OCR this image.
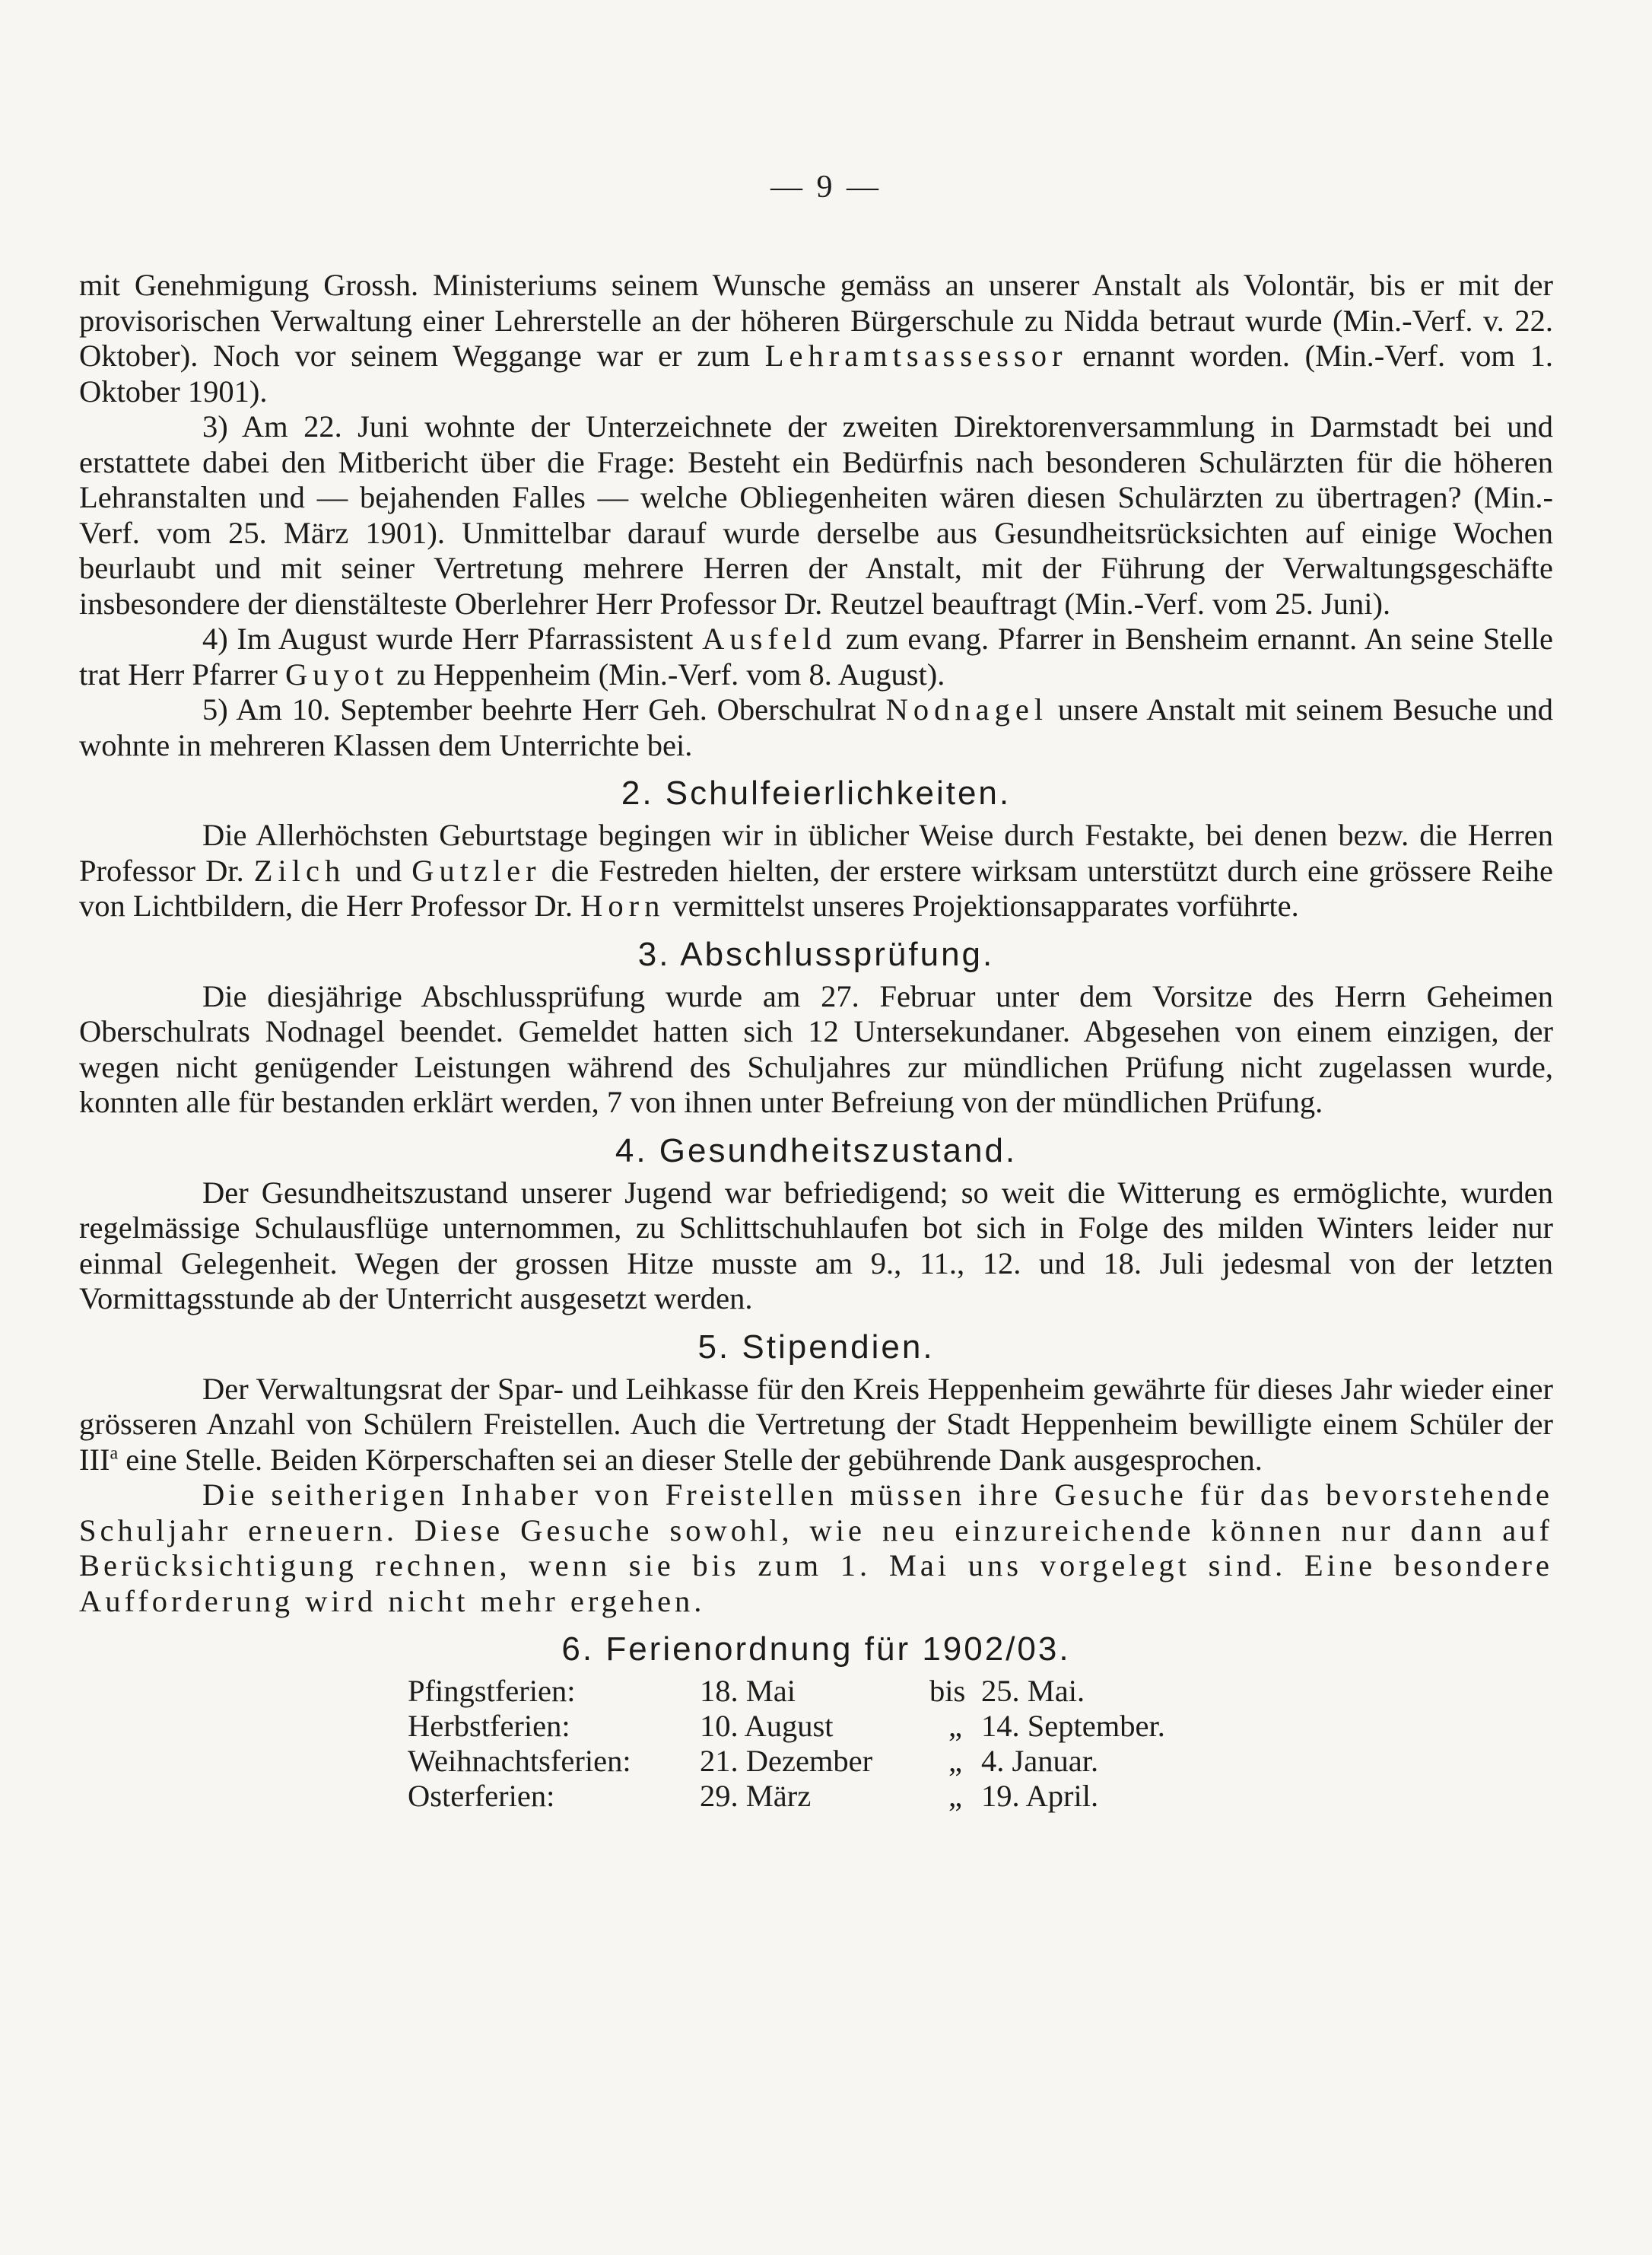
— 9 —

mit Genehmigung Grossh. Ministeriums seinem Wunsche gemäss an unserer Anstalt als Volontär, bis er mit der provisorischen Verwaltung einer Lehrerstelle an der höheren Bürgerschule zu Nidda betraut wurde (Min.-Verf. v. 22. Oktober). Noch vor seinem Weggange war er zum Lehramtsassessor ernannt worden. (Min.-Verf. vom 1. Oktober 1901).

3) Am 22. Juni wohnte der Unterzeichnete der zweiten Direktorenversammlung in Darmstadt bei und erstattete dabei den Mitbericht über die Frage: Besteht ein Bedürfnis nach besonderen Schulärzten für die höheren Lehranstalten und — bejahenden Falles — welche Obliegenheiten wären diesen Schulärzten zu übertragen? (Min.-Verf. vom 25. März 1901). Unmittelbar darauf wurde derselbe aus Gesundheitsrücksichten auf einige Wochen beurlaubt und mit seiner Vertretung mehrere Herren der Anstalt, mit der Führung der Verwaltungsgeschäfte insbesondere der dienstälteste Oberlehrer Herr Professor Dr. Reutzel beauftragt (Min.-Verf. vom 25. Juni).

4) Im August wurde Herr Pfarrassistent Ausfeld zum evang. Pfarrer in Bensheim ernannt. An seine Stelle trat Herr Pfarrer Guyot zu Heppenheim (Min.-Verf. vom 8. August).

5) Am 10. September beehrte Herr Geh. Oberschulrat Nodnagel unsere Anstalt mit seinem Besuche und wohnte in mehreren Klassen dem Unterrichte bei.

2. Schulfeierlichkeiten.

Die Allerhöchsten Geburtstage begingen wir in üblicher Weise durch Festakte, bei denen bezw. die Herren Professor Dr. Zilch und Gutzler die Festreden hielten, der erstere wirksam unterstützt durch eine grössere Reihe von Lichtbildern, die Herr Professor Dr. Horn vermittelst unseres Projektionsapparates vorführte.

3. Abschlussprüfung.

Die diesjährige Abschlussprüfung wurde am 27. Februar unter dem Vorsitze des Herrn Geheimen Oberschulrats Nodnagel beendet. Gemeldet hatten sich 12 Untersekundaner. Abgesehen von einem einzigen, der wegen nicht genügender Leistungen während des Schuljahres zur mündlichen Prüfung nicht zugelassen wurde, konnten alle für bestanden erklärt werden, 7 von ihnen unter Befreiung von der mündlichen Prüfung.

4. Gesundheitszustand.

Der Gesundheitszustand unserer Jugend war befriedigend; so weit die Witterung es ermöglichte, wurden regelmässige Schulausflüge unternommen, zu Schlittschuhlaufen bot sich in Folge des milden Winters leider nur einmal Gelegenheit. Wegen der grossen Hitze musste am 9., 11., 12. und 18. Juli jedesmal von der letzten Vormittagsstunde ab der Unterricht ausgesetzt werden.

5. Stipendien.

Der Verwaltungsrat der Spar- und Leihkasse für den Kreis Heppenheim gewährte für dieses Jahr wieder einer grösseren Anzahl von Schülern Freistellen. Auch die Vertretung der Stadt Heppenheim bewilligte einem Schüler der III$^a$ eine Stelle. Beiden Körperschaften sei an dieser Stelle der gebührende Dank ausgesprochen.

Die seitherigen Inhaber von Freistellen müssen ihre Gesuche für das bevorstehende Schuljahr erneuern. Diese Gesuche sowohl, wie neu einzureichende können nur dann auf Berücksichtigung rechnen, wenn sie bis zum 1. Mai uns vorgelegt sind. Eine besondere Aufforderung wird nicht mehr ergehen.

6. Ferienordnung für 1902/03.
Pfingstferien:	18. Mai	bis	25. Mai.
Herbstferien:	10. August	„	14. September.
Weihnachtsferien:	21. Dezember	„	4. Januar.
Osterferien:	29. März	„	19. April.
